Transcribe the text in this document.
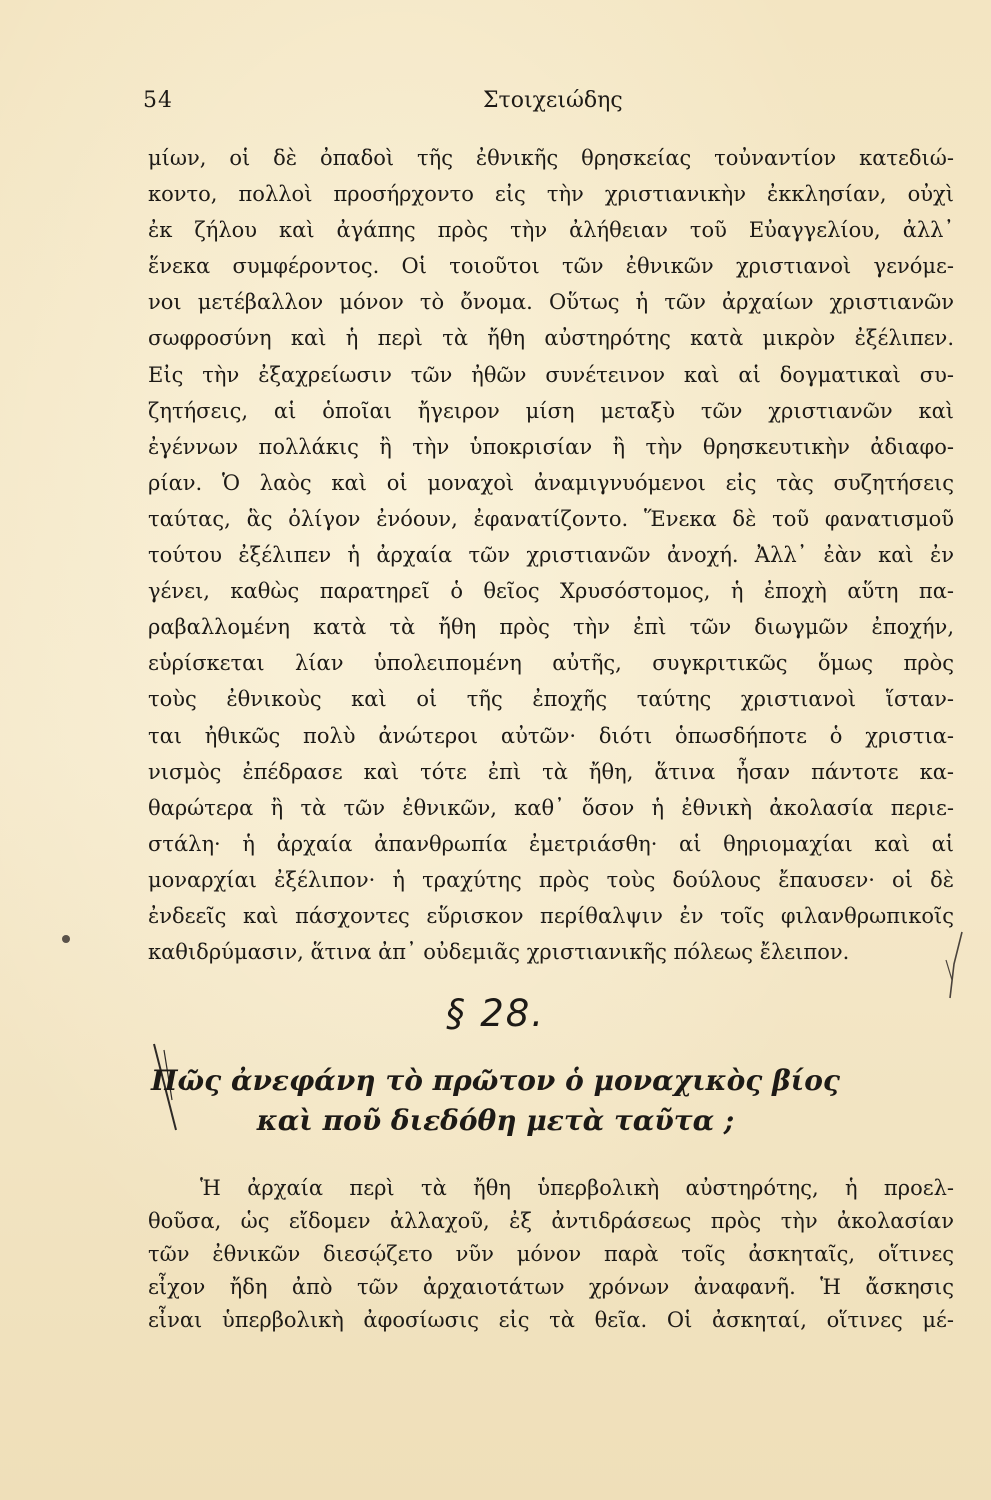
54	Στοιχειώδης
μίων, οἱ δὲ ὀπαδοὶ τῆς ἐθνικῆς θρησκείας τοὐναντίον κατεδιώ-
κοντο, πολλοὶ προσήρχοντο εἰς τὴν χριστιανικὴν ἐκκλησίαν, οὐχὶ
ἐκ ζήλου καὶ ἀγάπης πρὸς τὴν ἀλήθειαν τοῦ Εὐαγγελίου, ἀλλ᾽
ἕνεκα συμφέροντος. Οἱ τοιοῦτοι τῶν ἐθνικῶν χριστιανοὶ γενόμε-
νοι μετέβαλλον μόνον τὸ ὄνομα. Οὕτως ἡ τῶν ἀρχαίων χριστιανῶν
σωφροσύνη καὶ ἡ περὶ τὰ ἤθη αὐστηρότης κατὰ μικρὸν ἐξέλιπεν.
Εἰς τὴν ἐξαχρείωσιν τῶν ἠθῶν συνέτεινον καὶ αἱ δογματικαὶ συ-
ζητήσεις, αἱ ὁποῖαι ἤγειρον μίση μεταξὺ τῶν χριστιανῶν καὶ
ἐγέννων πολλάκις ἢ τὴν ὑποκρισίαν ἢ τὴν θρησκευτικὴν ἀδιαφο-
ρίαν. Ὁ λαὸς καὶ οἱ μοναχοὶ ἀναμιγνυόμενοι εἰς τὰς συζητήσεις
ταύτας, ἃς ὀλίγον ἐνόουν, ἐφανατίζοντο. Ἕνεκα δὲ τοῦ φανατισμοῦ
τούτου ἐξέλιπεν ἡ ἀρχαία τῶν χριστιανῶν ἀνοχή. Ἀλλ᾽ ἐὰν καὶ ἐν
γένει, καθὼς παρατηρεῖ ὁ θεῖος Χρυσόστομος, ἡ ἐποχὴ αὕτη πα-
ραβαλλομένη κατὰ τὰ ἤθη πρὸς τὴν ἐπὶ τῶν διωγμῶν ἐποχήν,
εὑρίσκεται λίαν ὑπολειπομένη αὐτῆς, συγκριτικῶς ὅμως πρὸς
τοὺς ἐθνικοὺς καὶ οἱ τῆς ἐποχῆς ταύτης χριστιανοὶ ἵσταν-
ται ἠθικῶς πολὺ ἀνώτεροι αὐτῶν· διότι ὁπωσδήποτε ὁ χριστια-
νισμὸς ἐπέδρασε καὶ τότε ἐπὶ τὰ ἤθη, ἅτινα ἦσαν πάντοτε κα-
θαρώτερα ἢ τὰ τῶν ἐθνικῶν, καθ᾽ ὅσον ἡ ἐθνικὴ ἀκολασία περιε-
στάλη· ἡ ἀρχαία ἀπανθρωπία ἐμετριάσθη· αἱ θηριομαχίαι καὶ αἱ
μοναρχίαι ἐξέλιπον· ἡ τραχύτης πρὸς τοὺς δούλους ἔπαυσεν· οἱ δὲ
ἐνδεεῖς καὶ πάσχοντες εὕρισκον περίθαλψιν ἐν τοῖς φιλανθρωπικοῖς
καθιδρύμασιν, ἅτινα ἀπ᾽ οὐδεμιᾶς χριστιανικῆς πόλεως ἔλειπον.
§ 28.
Πῶς ἀνεφάνη τὸ πρῶτον ὁ μοναχικὸς βίος
καὶ ποῦ διεδόθη μετὰ ταῦτα ;
Ἡ ἀρχαία περὶ τὰ ἤθη ὑπερβολικὴ αὐστηρότης, ἡ προελ-
θοῦσα, ὡς εἴδομεν ἀλλαχοῦ, ἐξ ἀντιδράσεως πρὸς τὴν ἀκολασίαν
τῶν ἐθνικῶν διεσῴζετο νῦν μόνον παρὰ τοῖς ἀσκηταῖς, οἵτινες
εἶχον ἤδη ἀπὸ τῶν ἀρχαιοτάτων χρόνων ἀναφανῆ. Ἡ ἄσκησις
εἶναι ὑπερβολικὴ ἀφοσίωσις εἰς τὰ θεῖα. Οἱ ἀσκηταί, οἵτινες μέ-
